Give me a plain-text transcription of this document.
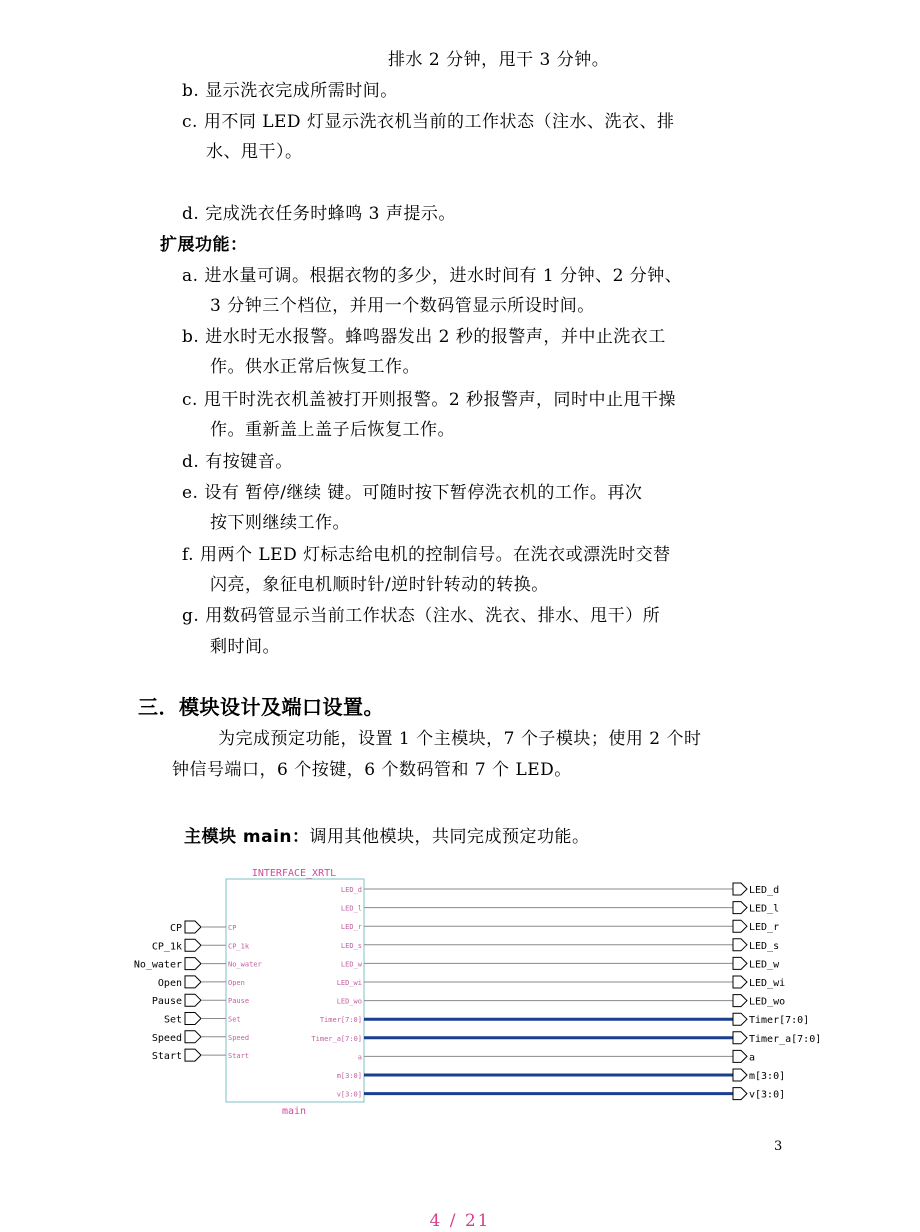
排水 2 分钟，甩干 3 分钟。
b. 显示洗衣完成所需时间。
c. 用不同 LED 灯显示洗衣机当前的工作状态（注水、洗衣、排
水、甩干）。
d. 完成洗衣任务时蜂鸣 3 声提示。
扩展功能：
a. 进水量可调。根据衣物的多少，进水时间有 1 分钟、2 分钟、
3 分钟三个档位，并用一个数码管显示所设时间。
b. 进水时无水报警。蜂鸣器发出 2 秒的报警声，并中止洗衣工
作。供水正常后恢复工作。
c. 甩干时洗衣机盖被打开则报警。2 秒报警声，同时中止甩干操
作。重新盖上盖子后恢复工作。
d. 有按键音。
e. 设有 暂停/继续 键。可随时按下暂停洗衣机的工作。再次
按下则继续工作。
f. 用两个 LED 灯标志给电机的控制信号。在洗衣或漂洗时交替
闪亮，象征电机顺时针/逆时针转动的转换。
g. 用数码管显示当前工作状态（注水、洗衣、排水、甩干）所
剩时间。
三．模块设计及端口设置。
为完成预定功能，设置 1 个主模块，7 个子模块；使用 2 个时
钟信号端口，6 个按键，6 个数码管和 7 个 LED。
主模块 main：调用其他模块，共同完成预定功能。
INTERFACE_XRTL
main
CP	CP
CP_1k	CP_1k
No_water	No_water
Open	Open
Pause	Pause
Set	Set
Speed	Speed
Start	Start
LED_d	LED_d
LED_l	LED_l
LED_r	LED_r
LED_s	LED_s
LED_w	LED_w
LED_wi	LED_wi
LED_wo	LED_wo
Timer[7:0]	Timer[7:0]
Timer_a[7:0]	Timer_a[7:0]
a	a
m[3:0]	m[3:0]
v[3:0]	v[3:0]
3
4 / 21
